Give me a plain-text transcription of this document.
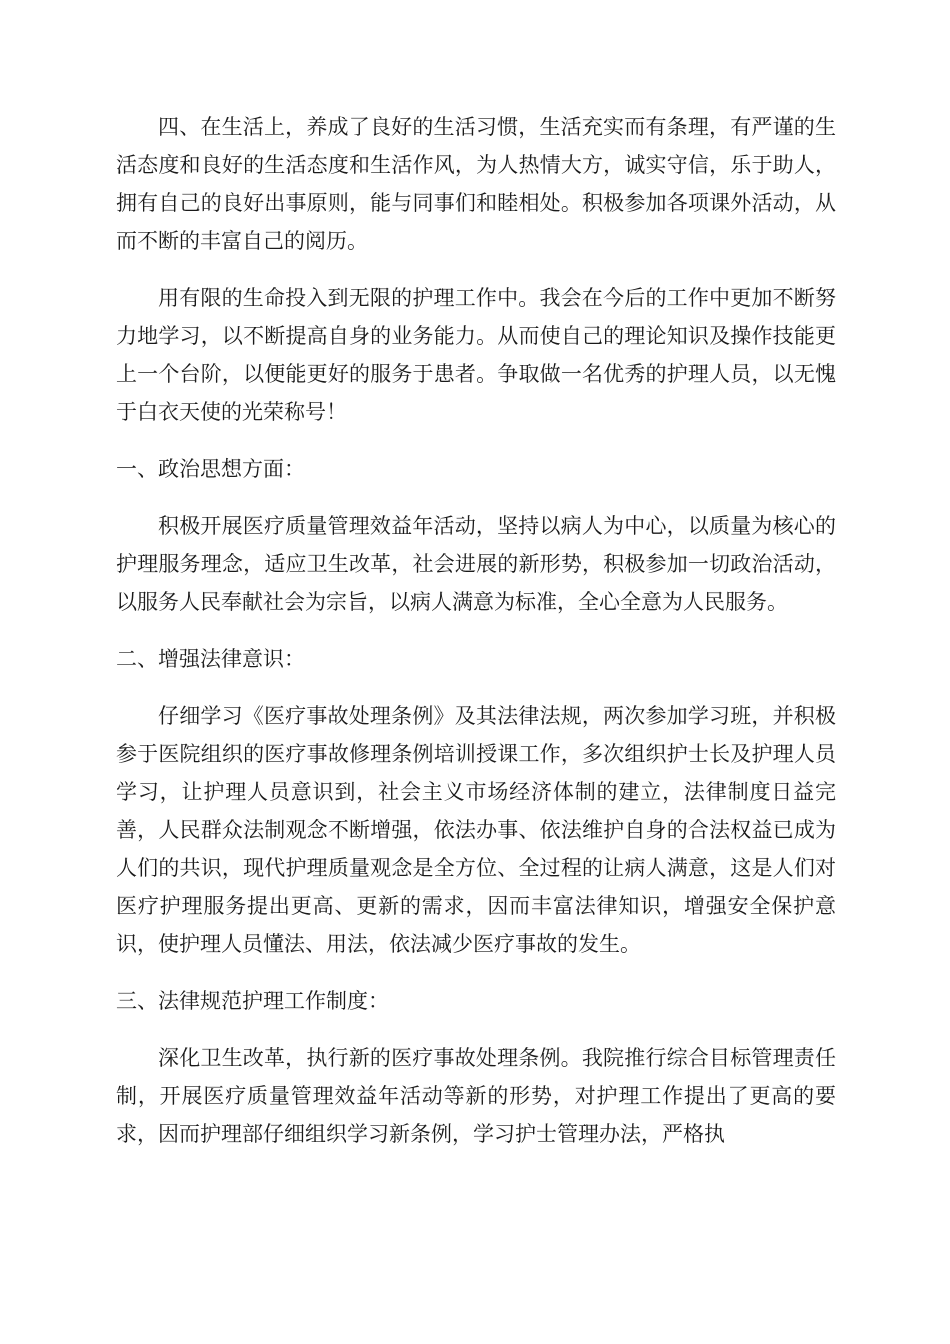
四、在生活上，养成了良好的生活习惯，生活充实而有条理，有严谨的生活态度和良好的生活态度和生活作风，为人热情大方，诚实守信，乐于助人，拥有自己的良好出事原则，能与同事们和睦相处。积极参加各项课外活动，从而不断的丰富自己的阅历。

用有限的生命投入到无限的护理工作中。我会在今后的工作中更加不断努力地学习，以不断提高自身的业务能力。从而使自己的理论知识及操作技能更上一个台阶，以便能更好的服务于患者。争取做一名优秀的护理人员，以无愧于白衣天使的光荣称号！

一、政治思想方面：

积极开展医疗质量管理效益年活动，坚持以病人为中心，以质量为核心的护理服务理念，适应卫生改革，社会进展的新形势，积极参加一切政治活动，以服务人民奉献社会为宗旨，以病人满意为标准，全心全意为人民服务。

二、增强法律意识：

仔细学习《医疗事故处理条例》及其法律法规，两次参加学习班，并积极参于医院组织的医疗事故修理条例培训授课工作，多次组织护士长及护理人员学习，让护理人员意识到，社会主义市场经济体制的建立，法律制度日益完善，人民群众法制观念不断增强，依法办事、依法维护自身的合法权益已成为人们的共识，现代护理质量观念是全方位、全过程的让病人满意，这是人们对医疗护理服务提出更高、更新的需求，因而丰富法律知识，增强安全保护意识，使护理人员懂法、用法，依法减少医疗事故的发生。

三、法律规范护理工作制度：

深化卫生改革，执行新的医疗事故处理条例。我院推行综合目标管理责任制，开展医疗质量管理效益年活动等新的形势，对护理工作提出了更高的要求，因而护理部仔细组织学习新条例，学习护士管理办法，严格执
